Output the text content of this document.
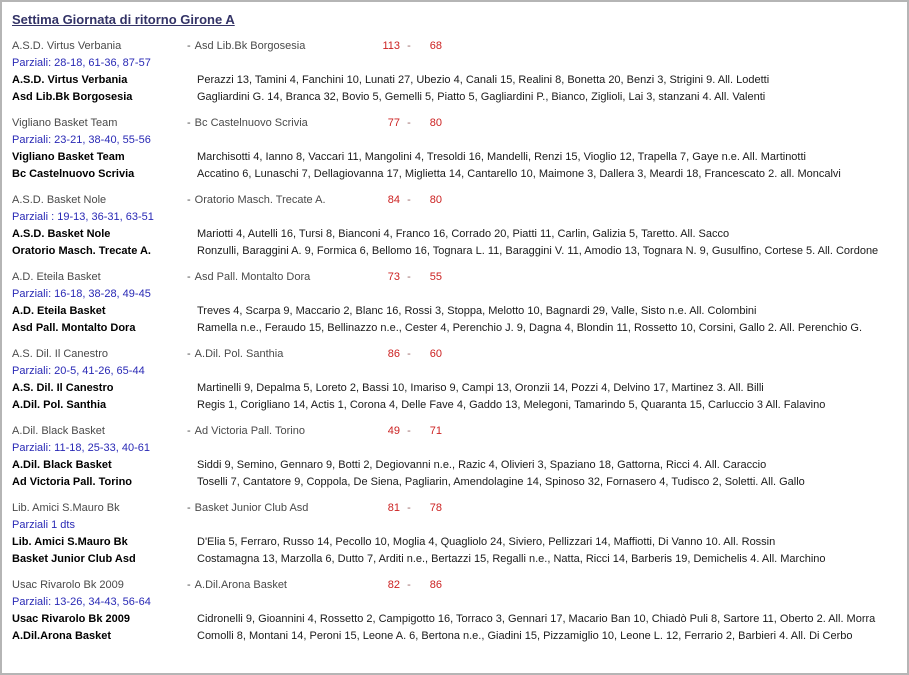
Settima Giornata di ritorno Girone A
A.S.D. Virtus Verbania	- Asd Lib.Bk Borgosesia	113 -	68
Parziali: 28-18, 61-36, 87-57
A.S.D. Virtus Verbania	Perazzi 13, Tamini 4, Fanchini 10, Lunati 27, Ubezio 4, Canali 15, Realini 8, Bonetta 20, Benzi 3, Strigini 9. All. Lodetti
Asd Lib.Bk Borgosesia	Gagliardini G. 14, Branca 32, Bovio 5, Gemelli 5, Piatto 5, Gagliardini P., Bianco, Ziglioli, Lai 3, stanzani 4. All. Valenti
Vigliano Basket Team	- Bc Castelnuovo Scrivia	77 -	80
Parziali: 23-21, 38-40, 55-56
Vigliano Basket Team	Marchisotti 4, Ianno 8, Vaccari 11, Mangolini 4, Tresoldi 16, Mandelli, Renzi 15, Vioglio 12, Trapella 7, Gaye n.e. All. Martinotti
Bc Castelnuovo Scrivia	Accatino 6, Lunaschi 7, Dellagiovanna 17, Miglietta 14, Cantarello 10, Maimone 3, Dallera 3, Meardi 18, Francescato 2. all. Moncalvi
A.S.D. Basket Nole	- Oratorio Masch. Trecate A.	84 -	80
Parziali : 19-13, 36-31, 63-51
A.S.D. Basket Nole	Mariotti 4, Autelli 16, Tursi 8, Bianconi 4, Franco 16, Corrado 20, Piatti 11, Carlin, Galizia 5, Taretto. All. Sacco
Oratorio Masch. Trecate A.	Ronzulli, Baraggini A. 9, Formica 6, Bellomo 16, Tognara L. 11, Baraggini V. 11, Amodio 13, Tognara N. 9, Gusulfino, Cortese 5. All. Cordone
A.D. Eteila Basket	- Asd Pall. Montalto Dora	73 -	55
Parziali: 16-18, 38-28, 49-45
A.D. Eteila Basket	Treves 4, Scarpa 9, Maccario 2, Blanc 16, Rossi 3, Stoppa, Melotto 10, Bagnardi 29, Valle, Sisto n.e. All. Colombini
Asd Pall. Montalto Dora	Ramella n.e., Feraudo 15, Bellinazzo n.e., Cester 4, Perenchio J. 9, Dagna 4, Blondin 11, Rossetto 10, Corsini, Gallo 2. All. Perenchio G.
A.S. Dil. Il Canestro	- A.Dil. Pol. Santhia	86 -	60
Parziali: 20-5, 41-26, 65-44
A.S. Dil. Il Canestro	Martinelli 9, Depalma 5, Loreto 2, Bassi 10, Imariso 9, Campi 13, Oronzii 14, Pozzi 4, Delvino 17, Martinez 3. All. Billi
A.Dil. Pol. Santhia	Regis 1, Corigliano 14, Actis 1, Corona 4, Delle Fave 4, Gaddo 13, Melegoni, Tamarindo 5, Quaranta 15, Carluccio 3 All. Falavino
A.Dil. Black Basket	- Ad Victoria Pall. Torino	49 -	71
Parziali: 11-18, 25-33, 40-61
A.Dil. Black Basket	Siddi 9, Semino, Gennaro 9, Botti 2, Degiovanni n.e., Razic 4, Olivieri 3, Spaziano 18, Gattorna, Ricci 4. All. Caraccio
Ad Victoria Pall. Torino	Toselli 7, Cantatore 9, Coppola, De Siena, Pagliarin, Amendolagine 14, Spinoso 32, Fornasero 4, Tudisco 2, Soletti. All. Gallo
Lib. Amici S.Mauro Bk	- Basket Junior Club Asd	81 -	78
Parziali 1 dts
Lib. Amici S.Mauro Bk	D'Elia 5, Ferraro, Russo 14, Pecollo 10, Moglia 4, Quagliolo 24, Siviero, Pellizzari 14, Maffiotti, Di Vanno 10. All. Rossin
Basket Junior Club Asd	Costamagna 13, Marzolla 6, Dutto 7, Arditi n.e., Bertazzi 15, Regalli n.e., Natta, Ricci 14, Barberis 19, Demichelis 4. All. Marchino
Usac Rivarolo Bk 2009	- A.Dil.Arona Basket	82 -	86
Parziali: 13-26, 34-43, 56-64
Usac Rivarolo Bk 2009	Cidronelli 9, Gioannini 4, Rossetto 2, Campigotto 16, Torraco 3, Gennari 17, Macario Ban 10, Chiadò Puli 8, Sartore 11, Oberto 2. All. Morra
A.Dil.Arona Basket	Comolli 8, Montani 14, Peroni 15, Leone A. 6, Bertona n.e., Giadini 15, Pizzamiglio 10, Leone L. 12, Ferrario 2, Barbieri 4. All. Di Cerbo
